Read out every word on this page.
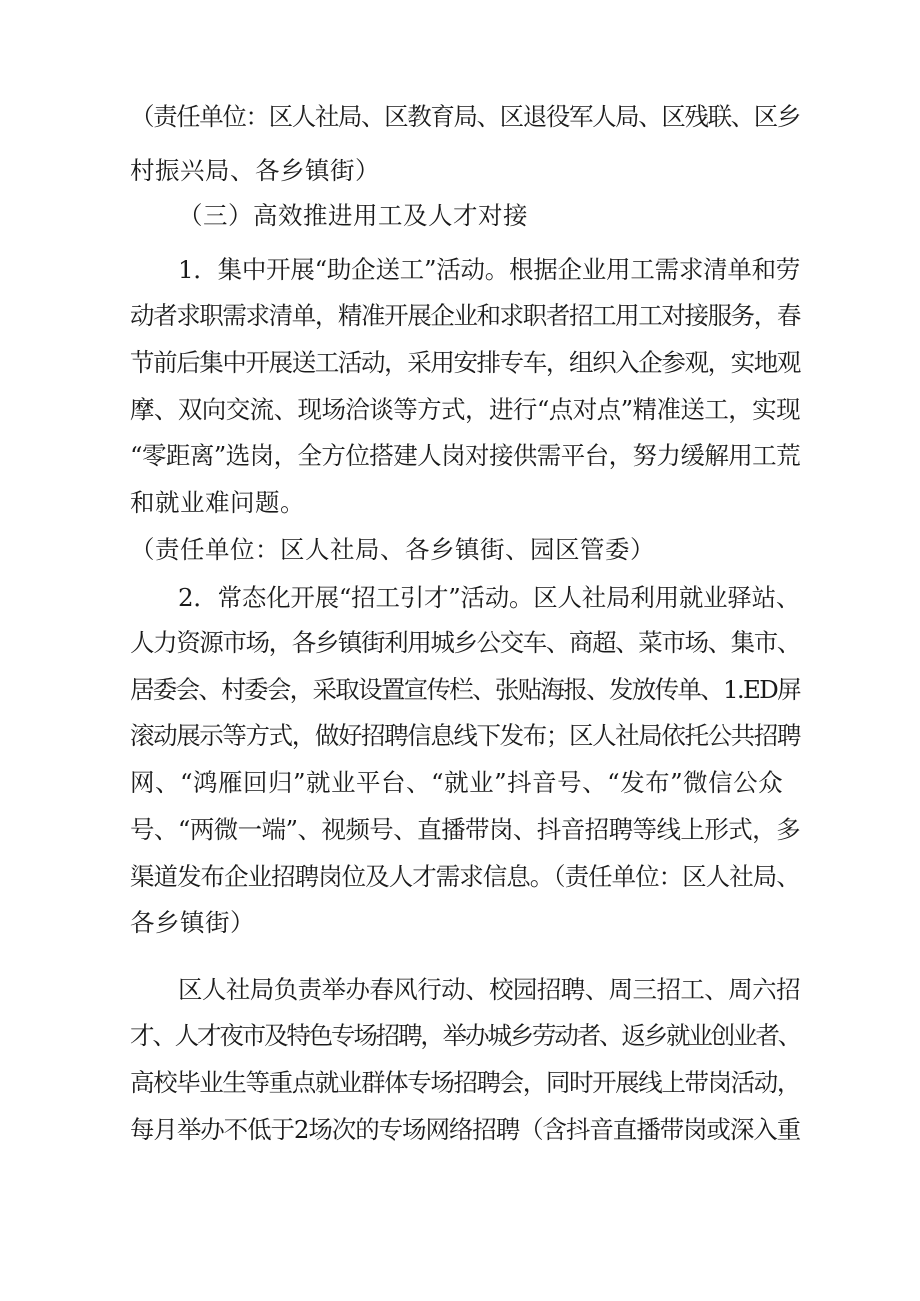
（责任单位：区人社局、区教育局、区退役军人局、区残联、区乡

村振兴局、各乡镇街）

（三）高效推进用工及人才对接

1．集中开展“助企送工”活动。根据企业用工需求清单和劳

动者求职需求清单，精准开展企业和求职者招工用工对接服务，春

节前后集中开展送工活动，采用安排专车，组织入企参观，实地观

摩、双向交流、现场洽谈等方式，进行“点对点”精准送工，实现

“零距离”选岗，全方位搭建人岗对接供需平台，努力缓解用工荒

和就业难问题。

（责任单位：区人社局、各乡镇街、园区管委）

2．常态化开展“招工引才”活动。区人社局利用就业驿站、

人力资源市场，各乡镇街利用城乡公交车、商超、菜市场、集市、

居委会、村委会，采取设置宣传栏、张贴海报、发放传单、1.ED屏

滚动展示等方式，做好招聘信息线下发布；区人社局依托公共招聘

网、“鸿雁回归”就业平台、“就业”抖音号、“发布”微信公众

号、“两微一端”、视频号、直播带岗、抖音招聘等线上形式，多

渠道发布企业招聘岗位及人才需求信息。（责任单位：区人社局、

各乡镇街）

区人社局负责举办春风行动、校园招聘、周三招工、周六招

才、人才夜市及特色专场招聘，举办城乡劳动者、返乡就业创业者、

高校毕业生等重点就业群体专场招聘会，同时开展线上带岗活动，

每月举办不低于2场次的专场网络招聘（含抖音直播带岗或深入重
